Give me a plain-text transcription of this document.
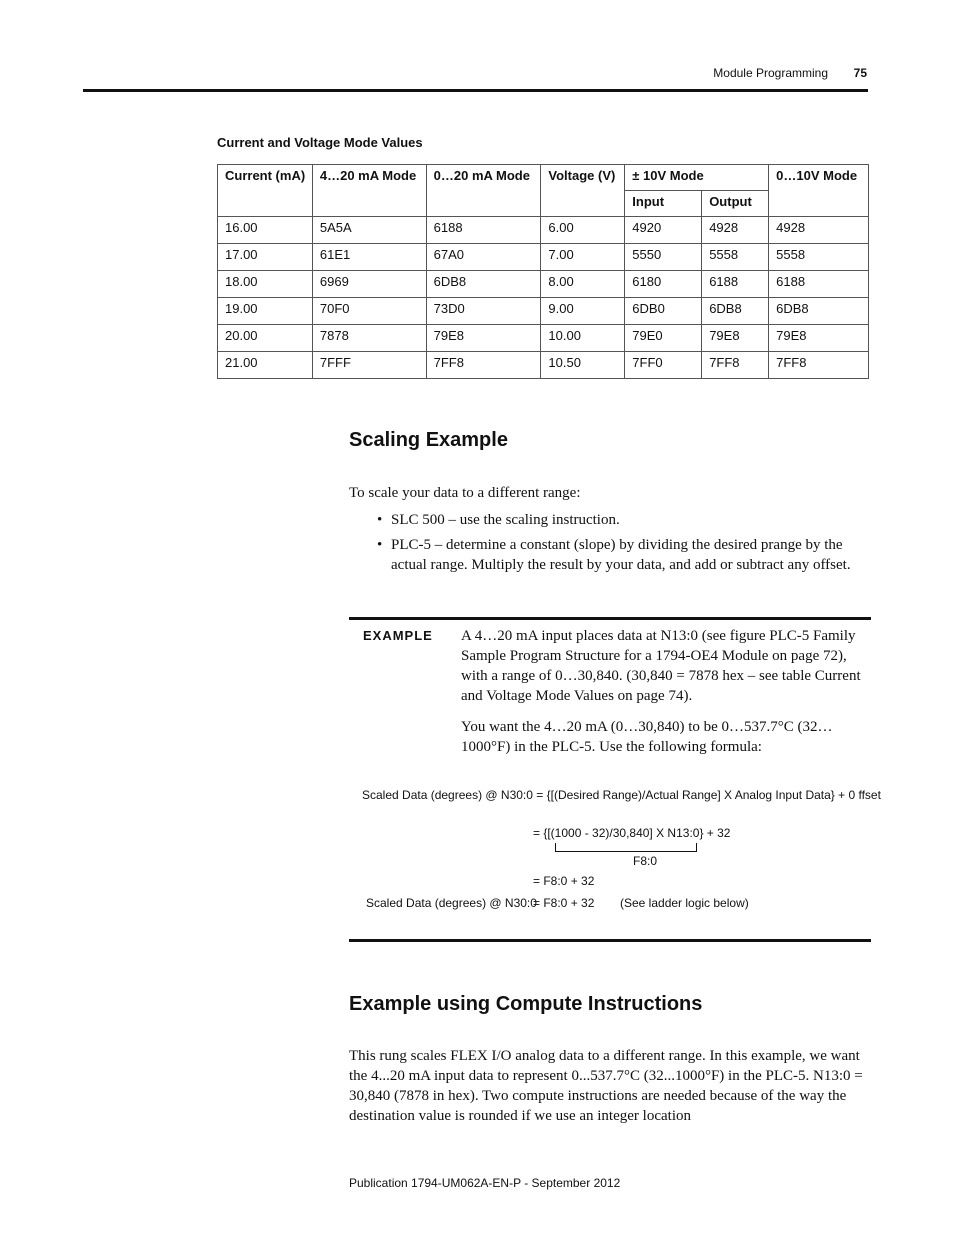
Module Programming	75
Current and Voltage Mode Values
Current (mA)	4…20 mA Mode	0…20 mA Mode	Voltage (V)	± 10V Mode		0…10V Mode
				Input	Output	
16.00	5A5A	6188	6.00	4920	4928	4928
17.00	61E1	67A0	7.00	5550	5558	5558
18.00	6969	6DB8	8.00	6180	6188	6188
19.00	70F0	73D0	9.00	6DB0	6DB8	6DB8
20.00	7878	79E8	10.00	79E0	79E8	79E8
21.00	7FFF	7FF8	10.50	7FF0	7FF8	7FF8
Scaling Example

To scale your data to a different range:

• SLC 500 – use the scaling instruction.
• PLC-5 – determine a constant (slope) by dividing the desired prange by the actual range. Multiply the result by your data, and add or subtract any offset.
EXAMPLE A 4…20 mA input places data at N13:0 (see figure PLC-5 Family Sample Program Structure for a 1794-OE4 Module on page 72), with a range of 0…30,840. (30,840 = 7878 hex – see table Current and Voltage Mode Values on page 74).

You want the 4…20 mA (0…30,840) to be 0…537.7°C (32…1000°F) in the PLC-5. Use the following formula:

Scaled Data (degrees) @ N30:0 = {[(Desired Range)/Actual Range] X Analog Input Data} + 0 ffset
= {[(1000 - 32)/30,840] X N13:0} + 32
F8:0
= F8:0 + 32
Scaled Data (degrees) @ N30:0
= F8:0 + 32 (See ladder logic below)
Example using Compute Instructions

This rung scales FLEX I/O analog data to a different range. In this example, we want the 4...20 mA input data to represent 0...537.7°C (32...1000°F) in the PLC-5. N13:0 = 30,840 (7878 in hex). Two compute instructions are needed because of the way the destination value is rounded if we use an integer location

Publication 1794-UM062A-EN-P - September 2012
